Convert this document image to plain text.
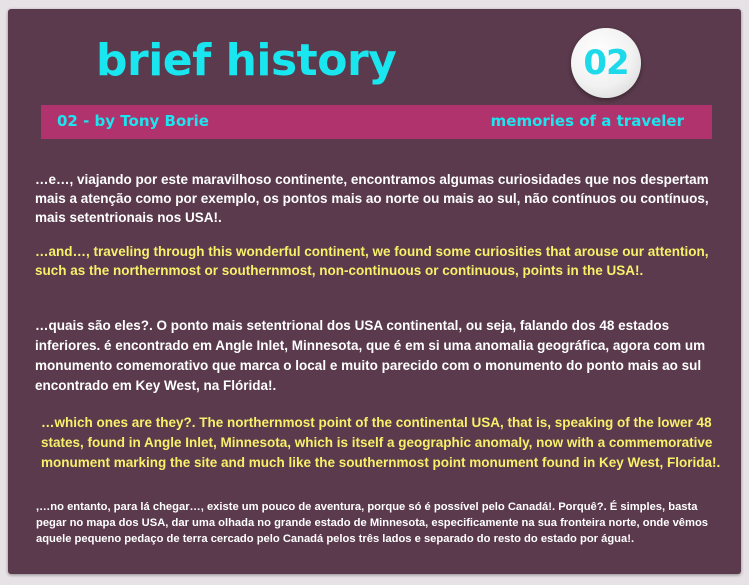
brief history	02
02 - by Tony Borie	memories of a traveler

…e…, viajando por este maravilhoso continente, encontramos algumas curiosidades que nos despertam mais a atenção como por exemplo, os pontos mais ao norte ou mais ao sul, não contínuos ou contínuos, mais setentrionais nos USA!.

…and…, traveling through this wonderful continent, we found some curiosities that arouse our attention, such as the northernmost or southernmost, non-continuous or continuous, points in the USA!.

…quais são eles?. O ponto mais setentrional dos USA continental, ou seja, falando dos 48 estados inferiores. é encontrado em Angle Inlet, Minnesota, que é em si uma anomalia geográfica, agora com um monumento comemorativo que marca o local e muito parecido com o monumento do ponto mais ao sul encontrado em Key West, na Flórida!.

…which ones are they?. The northernmost point of the continental USA, that is, speaking of the lower 48 states, found in Angle Inlet, Minnesota, which is itself a geographic anomaly, now with a commemorative monument marking the site and much like the southernmost point monument found in Key West, Florida!.

,…no entanto, para lá chegar…, existe um pouco de aventura, porque só é possível pelo Canadá!. Porquê?. É simples, basta pegar no mapa dos USA, dar uma olhada no grande estado de Minnesota, especificamente na sua fronteira norte, onde vêmos aquele pequeno pedaço de terra cercado pelo Canadá pelos três lados e separado do resto do estado por água!.
